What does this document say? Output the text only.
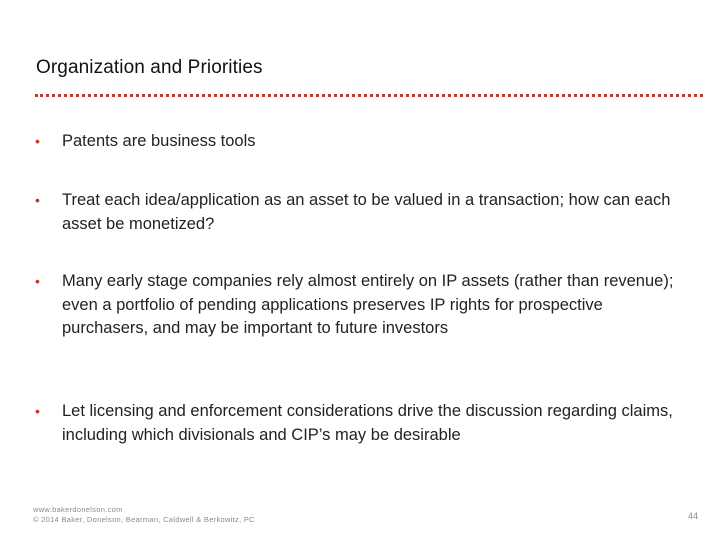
Organization and Priorities
•	Patents are business tools
•	Treat each idea/application as an asset to be valued in a transaction; how can each asset be monetized?
•	Many early stage companies rely almost entirely on IP assets (rather than revenue); even a portfolio of pending applications preserves IP rights for prospective purchasers, and may be important to future investors
•	Let licensing and enforcement considerations drive the discussion regarding claims, including which divisionals and CIP’s may be desirable
www.bakerdonelson.com
© 2014 Baker, Donelson, Bearman, Caldwell & Berkowitz, PC	44
